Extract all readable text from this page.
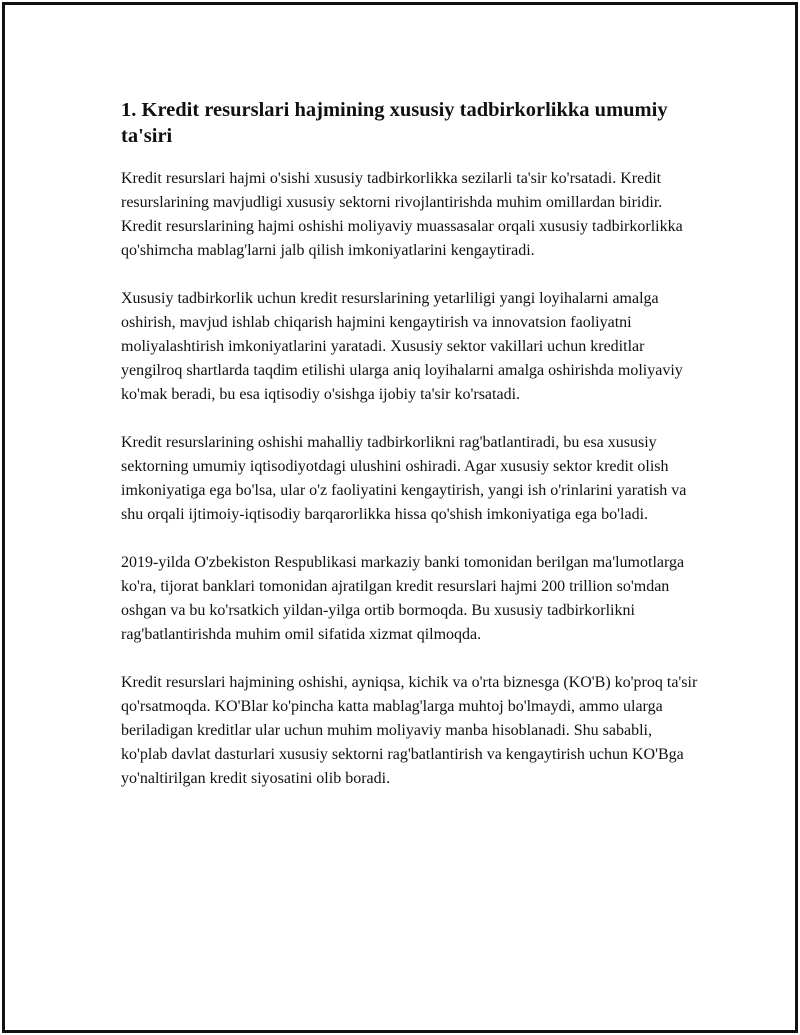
1. Kredit resurslari hajmining xususiy tadbirkorlikka umumiy ta'siri

Kredit resurslari hajmi o'sishi xususiy tadbirkorlikka sezilarli ta'sir ko'rsatadi. Kredit resurslarining mavjudligi xususiy sektorni rivojlantirishda muhim omillardan biridir. Kredit resurslarining hajmi oshishi moliyaviy muassasalar orqali xususiy tadbirkorlikka qo'shimcha mablag'larni jalb qilish imkoniyatlarini kengaytiradi.

Xususiy tadbirkorlik uchun kredit resurslarining yetarliligi yangi loyihalarni amalga oshirish, mavjud ishlab chiqarish hajmini kengaytirish va innovatsion faoliyatni moliyalashtirish imkoniyatlarini yaratadi. Xususiy sektor vakillari uchun kreditlar yengilroq shartlarda taqdim etilishi ularga aniq loyihalarni amalga oshirishda moliyaviy ko'mak beradi, bu esa iqtisodiy o'sishga ijobiy ta'sir ko'rsatadi.

Kredit resurslarining oshishi mahalliy tadbirkorlikni rag'batlantiradi, bu esa xususiy sektorning umumiy iqtisodiyotdagi ulushini oshiradi. Agar xususiy sektor kredit olish imkoniyatiga ega bo'lsa, ular o'z faoliyatini kengaytirish, yangi ish o'rinlarini yaratish va shu orqali ijtimoiy-iqtisodiy barqarorlikka hissa qo'shish imkoniyatiga ega bo'ladi.

2019-yilda O'zbekiston Respublikasi markaziy banki tomonidan berilgan ma'lumotlarga ko'ra, tijorat banklari tomonidan ajratilgan kredit resurslari hajmi 200 trillion so'mdan oshgan va bu ko'rsatkich yildan-yilga ortib bormoqda. Bu xususiy tadbirkorlikni rag'batlantirishda muhim omil sifatida xizmat qilmoqda.

Kredit resurslari hajmining oshishi, ayniqsa, kichik va o'rta biznesga (KO'B) ko'proq ta'sir qo'rsatmoqda. KO'Blar ko'pincha katta mablag'larga muhtoj bo'lmaydi, ammo ularga beriladigan kreditlar ular uchun muhim moliyaviy manba hisoblanadi. Shu sababli, ko'plab davlat dasturlari xususiy sektorni rag'batlantirish va kengaytirish uchun KO'Bga yo'naltirilgan kredit siyosatini olib boradi.
